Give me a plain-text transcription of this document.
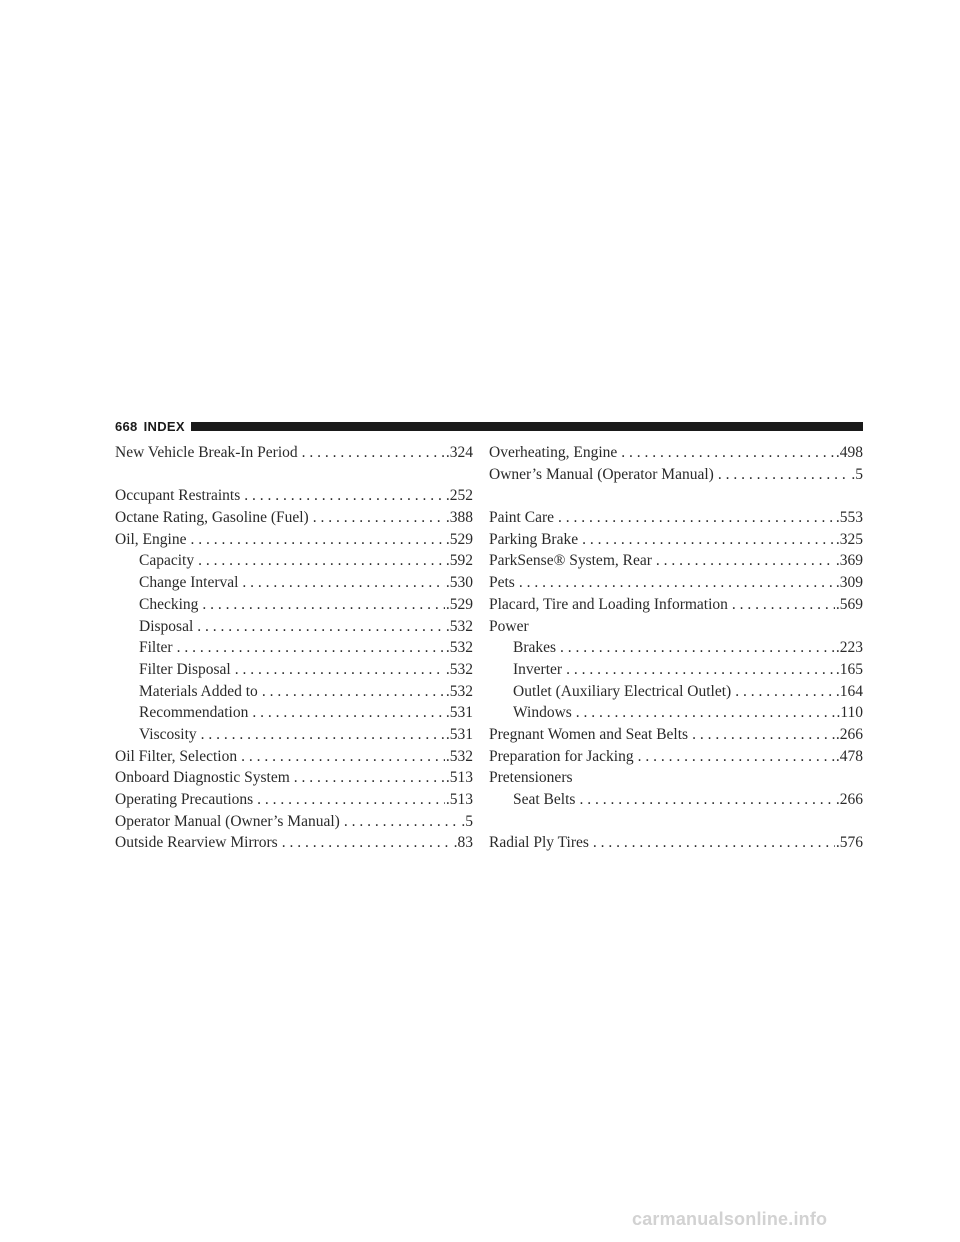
668 INDEX
New Vehicle Break-In Period . . .	.324
Occupant Restraints . . .	.252
Octane Rating, Gasoline (Fuel) . . .	.388
Oil, Engine . . .	.529
Capacity . . .	.592
Change Interval . . .	.530
Checking . . .	.529
Disposal . . .	.532
Filter . . .	.532
Filter Disposal . . .	.532
Materials Added to . . .	.532
Recommendation . . .	.531
Viscosity . . .	.531
Oil Filter, Selection . . .	.532
Onboard Diagnostic System . . .	.513
Operating Precautions . . .	.513
Operator Manual (Owner’s Manual) . . .	.5
Outside Rearview Mirrors . . .	.83
Overheating, Engine . . .	.498
Owner’s Manual (Operator Manual) . . .	.5
Paint Care . . .	.553
Parking Brake . . .	.325
ParkSense® System, Rear . . .	.369
Pets . . .	.309
Placard, Tire and Loading Information . . .	.569
Power
Brakes . . .	.223
Inverter . . .	.165
Outlet (Auxiliary Electrical Outlet) . . .	.164
Windows . . .	.110
Pregnant Women and Seat Belts . . .	.266
Preparation for Jacking . . .	.478
Pretensioners
Seat Belts . . .	.266
Radial Ply Tires . . .	.576
carmanualsonline.info
